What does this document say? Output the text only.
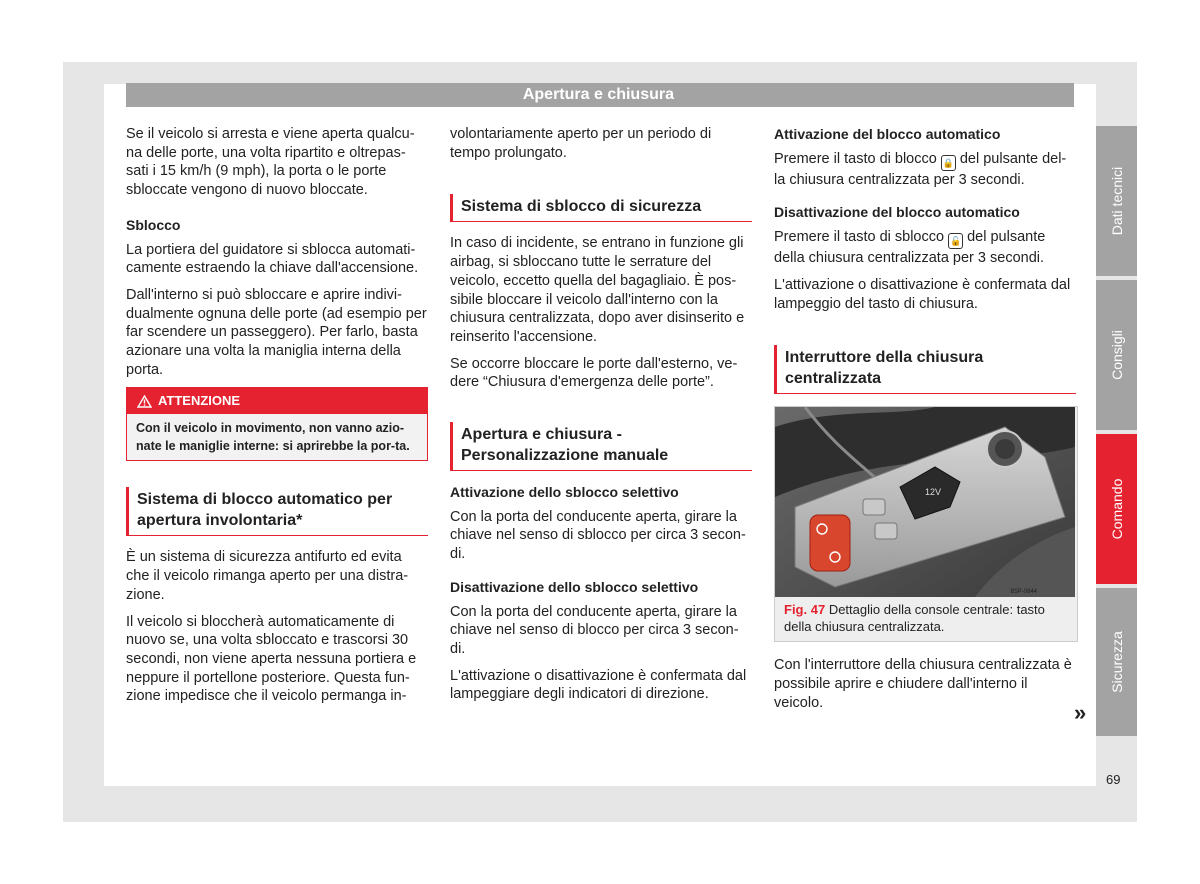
Apertura e chiusura

Se il veicolo si arresta e viene aperta qualcu-na delle porte, una volta ripartito e oltrepas-sati i 15 km/h (9 mph), la porta o le porte sbloccate vengono di nuovo bloccate.

Sblocco

La portiera del guidatore si sblocca automati-camente estraendo la chiave dall'accensione.

Dall'interno si può sbloccare e aprire indivi-dualmente ognuna delle porte (ad esempio per far scendere un passeggero). Per farlo, basta azionare una volta la maniglia interna della porta.

ATTENZIONE
Con il veicolo in movimento, non vanno azio-nate le maniglie interne: si aprirebbe la por-ta.
Sistema di blocco automatico per apertura involontaria*

È un sistema di sicurezza antifurto ed evita che il veicolo rimanga aperto per una distra-zione.

Il veicolo si bloccherà automaticamente di nuovo se, una volta sbloccato e trascorsi 30 secondi, non viene aperta nessuna portiera e neppure il portellone posteriore. Questa fun-zione impedisce che il veicolo permanga in-

volontariamente aperto per un periodo di tempo prolungato.

Sistema di sblocco di sicurezza

In caso di incidente, se entrano in funzione gli airbag, si sbloccano tutte le serrature del veicolo, eccetto quella del bagagliaio. È pos-sibile bloccare il veicolo dall'interno con la chiusura centralizzata, dopo aver disinserito e reinserito l'accensione.

Se occorre bloccare le porte dall'esterno, ve-dere “Chiusura d'emergenza delle porte”.

Apertura e chiusura - Personalizzazione manuale
Attivazione dello sblocco selettivo

Con la porta del conducente aperta, girare la chiave nel senso di sblocco per circa 3 secon-di.

Disattivazione dello sblocco selettivo

Con la porta del conducente aperta, girare la chiave nel senso di blocco per circa 3 secon-di.

L'attivazione o disattivazione è confermata dal lampeggiare degli indicatori di direzione.

Attivazione del blocco automatico

Premere il tasto di blocco 🔒 del pulsante del-la chiusura centralizzata per 3 secondi.

Disattivazione del blocco automatico

Premere il tasto di sblocco 🔓 del pulsante della chiusura centralizzata per 3 secondi.

L'attivazione o disattivazione è confermata dal lampeggio del tasto di chiusura.

Interruttore della chiusura centralizzata
12V
B5P-0844
Fig. 47 Dettaglio della console centrale: tasto della chiusura centralizzata.

Con l'interruttore della chiusura centralizzata è possibile aprire e chiudere dall'interno il veicolo.

Dati tecnici
Consigli
Comando
Sicurezza
»
69
